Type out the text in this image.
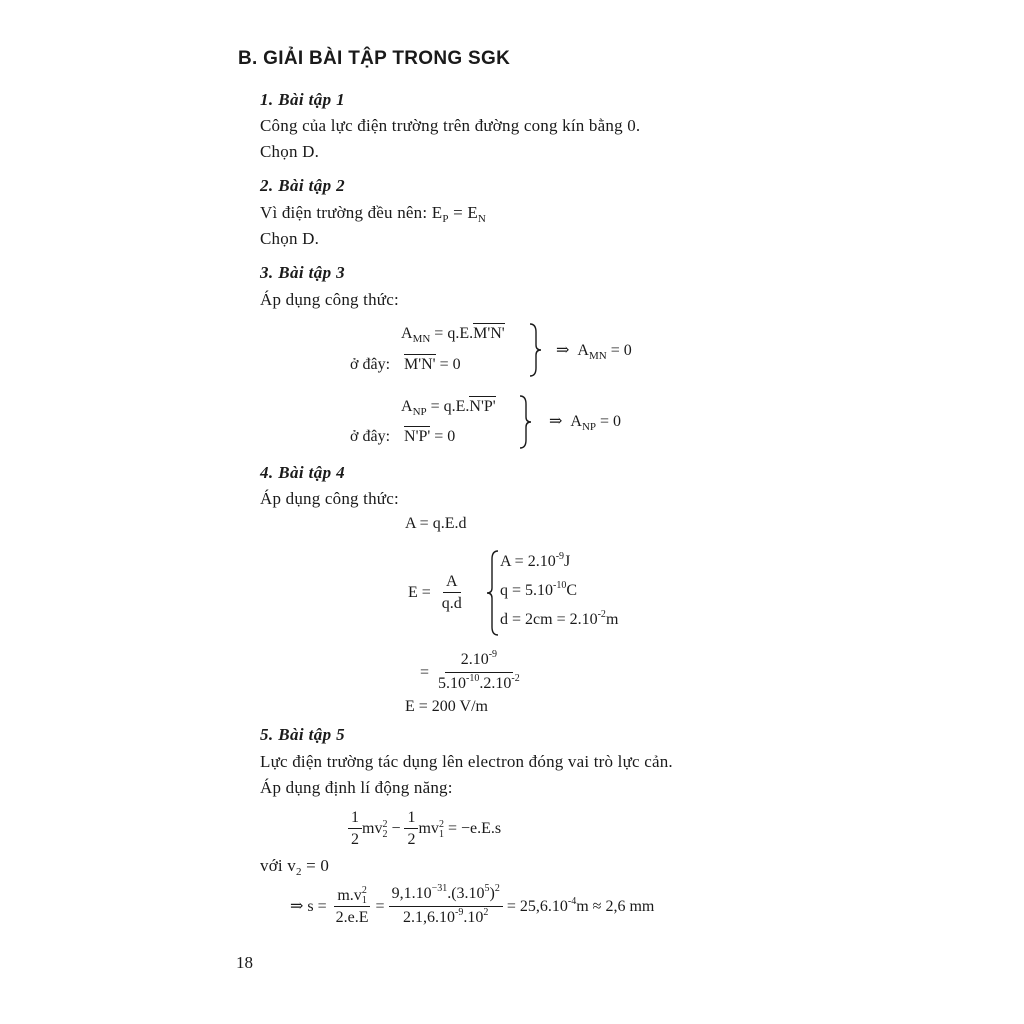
B. GIẢI BÀI TẬP TRONG SGK
1. Bài tập 1
Công của lực điện trường trên đường cong kín bằng 0.
Chọn D.
2. Bài tập 2
Vì điện trường đều nên: $E_P = E_N$
Chọn D.
3. Bài tập 3
Áp dụng công thức:
$A_{MN} = q.E.M'N'$
ở đây: M'N' = 0
⇒ $A_{MN} = 0$
$A_{NP} = q.E.N'P'$
ở đây: N'P' = 0
⇒ $A_{NP} = 0$
4. Bài tập 4
Áp dụng công thức:
A = q.E.d
$E = \frac{A}{q.d}$
$A = 2.10^{-9}J$
$q = 5.10^{-10}C$
$d = 2cm = 2.10^{-2}m$
= $\frac{2.10^{-9}}{5.10^{-10}.2.10^{-2}}$
E = 200 V/m
5. Bài tập 5
Lực điện trường tác dụng lên electron đóng vai trò lực cản.
Áp dụng định lí động năng:
$\frac{1}{2}$ mv 2
$2 - \frac{1}{2}$ mv 2
1 = −e.E.s
với $v_2 = 0$
⇒ s = m.v 2
1
$2.e.E = \frac{9,1.10^{-31}.(3.10^5)^2}{2.1,6.10^{-9}.10^2} = 25,6.10^{-4}m \approx 2,6$ mm
18
